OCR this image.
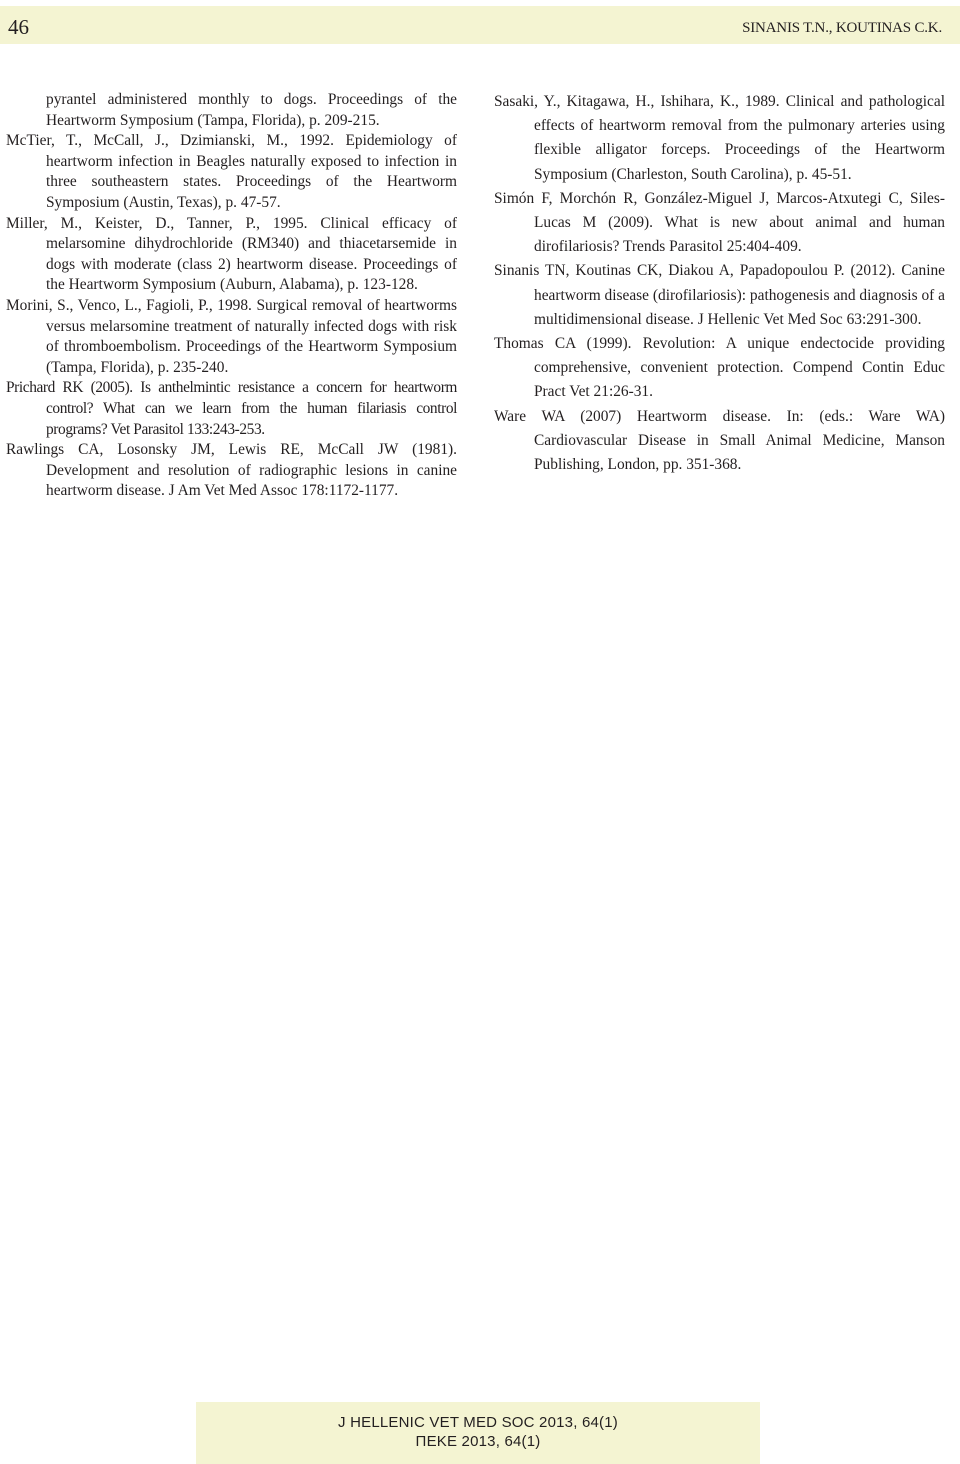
46	SINANIS T.N., KOUTINAS C.K.

pyrantel administered monthly to dogs. Proceedings of the Heartworm Symposium (Tampa, Florida), p. 209-215.

McTier, T., McCall, J., Dzimianski, M., 1992. Epidemiology of heartworm infection in Beagles naturally exposed to infection in three southeastern states. Proceedings of the Heartworm Symposium (Austin, Texas), p. 47-57.

Miller, M., Keister, D., Tanner, P., 1995. Clinical efficacy of melarsomine dihydrochloride (RM340) and thiacetarsemide in dogs with moderate (class 2) heartworm disease. Proceedings of the Heartworm Symposium (Auburn, Alabama), p. 123-128.

Morini, S., Venco, L., Fagioli, P., 1998. Surgical removal of heartworms versus melarsomine treatment of naturally infected dogs with risk of thromboembolism. Proceedings of the Heartworm Symposium (Tampa, Florida), p. 235-240.

Prichard RK (2005). Is anthelmintic resistance a concern for heartworm control? What can we learn from the human filariasis control programs? Vet Parasitol 133:243-253.

Rawlings CA, Losonsky JM, Lewis RE, McCall JW (1981). Development and resolution of radiographic lesions in canine heartworm disease. J Am Vet Med Assoc 178:1172-1177.

Sasaki, Y., Kitagawa, H., Ishihara, K., 1989. Clinical and pathological effects of heartworm removal from the pulmonary arteries using flexible alligator forceps. Proceedings of the Heartworm Symposium (Charleston, South Carolina), p. 45-51.

Simón F, Morchón R, González-Miguel J, Marcos-Atxutegi C, Siles-Lucas M (2009). What is new about animal and human dirofilariosis? Trends Parasitol 25:404-409.

Sinanis TN, Koutinas CK, Diakou A, Papadopoulou P. (2012). Canine heartworm disease (dirofilariosis): pathogenesis and diagnosis of a multidimensional disease. J Hellenic Vet Med Soc 63:291-300.

Thomas CA (1999). Revolution: A unique endectocide providing comprehensive, convenient protection. Compend Contin Educ Pract Vet 21:26-31.

Ware WA (2007) Heartworm disease. In: (eds.: Ware WA) Cardiovascular Disease in Small Animal Medicine, Manson Publishing, London, pp. 351-368.

J HELLENIC VET MED SOC 2013, 64(1)
ΠΕΚΕ 2013, 64(1)
